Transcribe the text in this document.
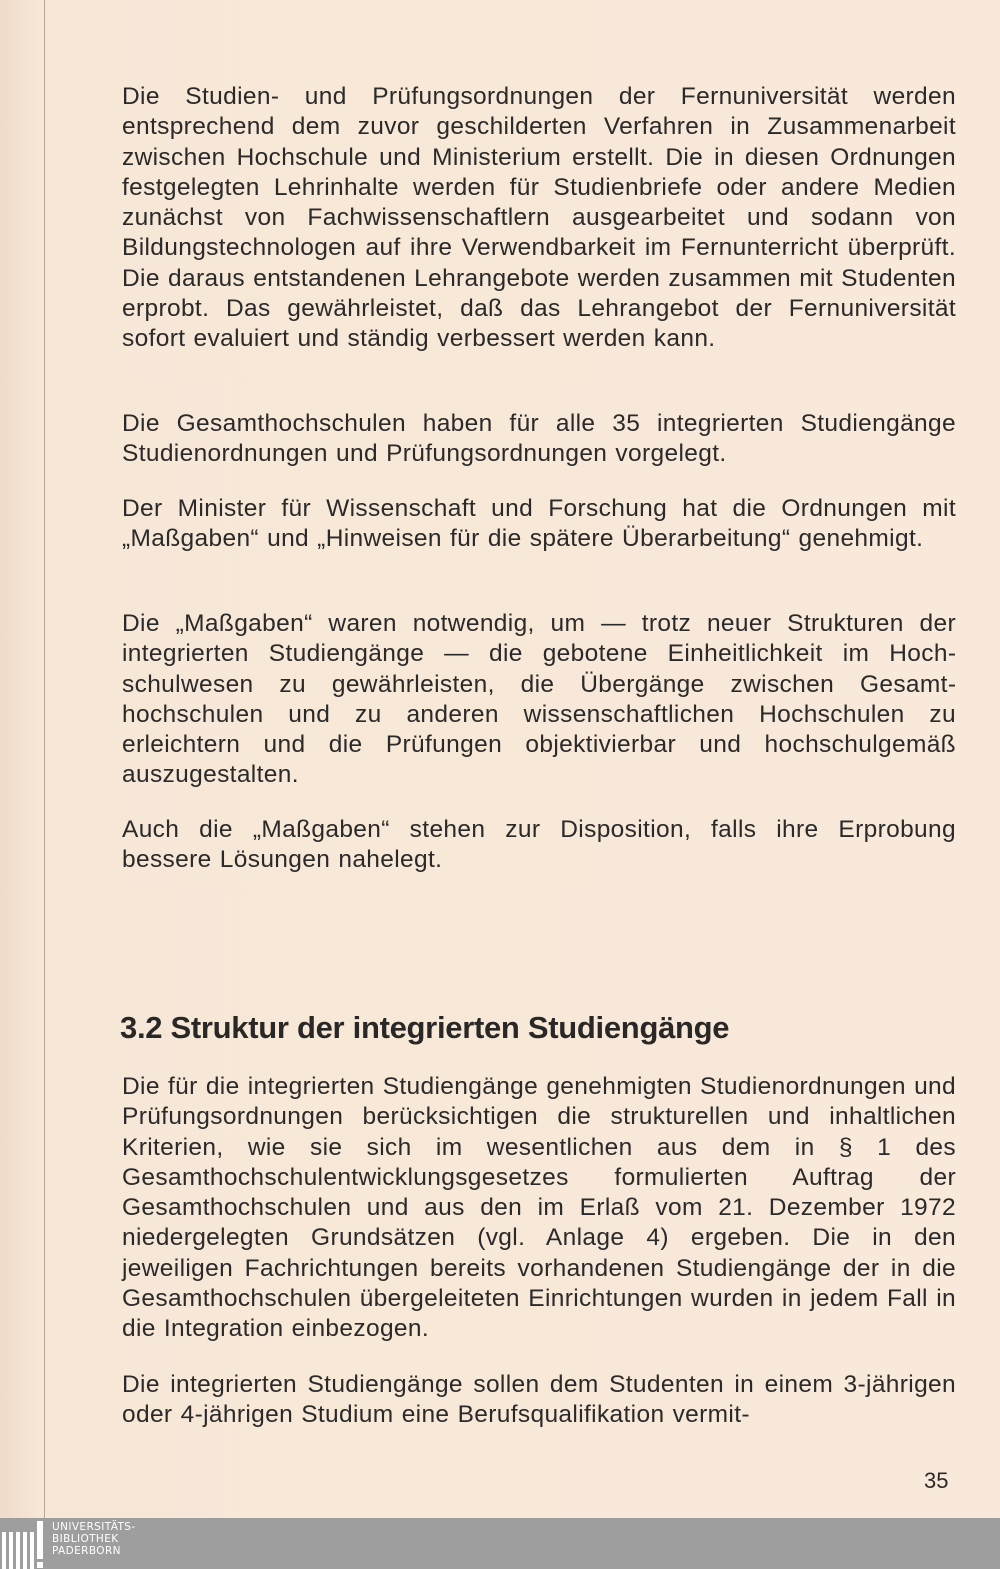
Die Studien- und Prüfungsordnungen der Fernuniversität werden entsprechend dem zuvor geschilderten Verfahren in Zusammenarbeit zwischen Hochschule und Ministerium erstellt. Die in diesen Ordnungen festgelegten Lehrinhalte werden für Studienbriefe oder andere Medien zunächst von Fachwissenschaftlern ausgearbeitet und sodann von Bildungstechnologen auf ihre Verwendbarkeit im Fernunterricht überprüft. Die daraus entstandenen Lehrangebote werden zusammen mit Studenten erprobt. Das gewährleistet, daß das Lehrangebot der Fernuniversität sofort evaluiert und ständig verbessert werden kann.

Die Gesamthochschulen haben für alle 35 integrierten Studiengänge Studienordnungen und Prüfungsordnungen vorgelegt.

Der Minister für Wissenschaft und Forschung hat die Ordnungen mit „Maßgaben“ und „Hinweisen für die spätere Überarbeitung“ genehmigt.

Die „Maßgaben“ waren notwendig, um — trotz neuer Strukturen der integrierten Studiengänge — die gebotene Einheitlichkeit im Hochschulwesen zu gewährleisten, die Übergänge zwischen Gesamthochschulen und zu anderen wissenschaftlichen Hochschulen zu erleichtern und die Prüfungen objektivierbar und hochschulgemäß auszugestalten.

Auch die „Maßgaben“ stehen zur Disposition, falls ihre Erprobung bessere Lösungen nahelegt.

3.2 Struktur der integrierten Studiengänge

Die für die integrierten Studiengänge genehmigten Studienordnungen und Prüfungsordnungen berücksichtigen die strukturellen und inhaltlichen Kriterien, wie sie sich im wesentlichen aus dem in § 1 des Gesamthochschulentwicklungsgesetzes formulierten Auftrag der Gesamthochschulen und aus den im Erlaß vom 21. Dezember 1972 niedergelegten Grundsätzen (vgl. Anlage 4) ergeben. Die in den jeweiligen Fachrichtungen bereits vorhandenen Studiengänge der in die Gesamthochschulen übergeleiteten Einrichtungen wurden in jedem Fall in die Integration einbezogen.

Die integrierten Studiengänge sollen dem Studenten in einem 3-jährigen oder 4-jährigen Studium eine Berufsqualifikation vermit-

35
UNIVERSITÄTS-
BIBLIOTHEK
PADERBORN
